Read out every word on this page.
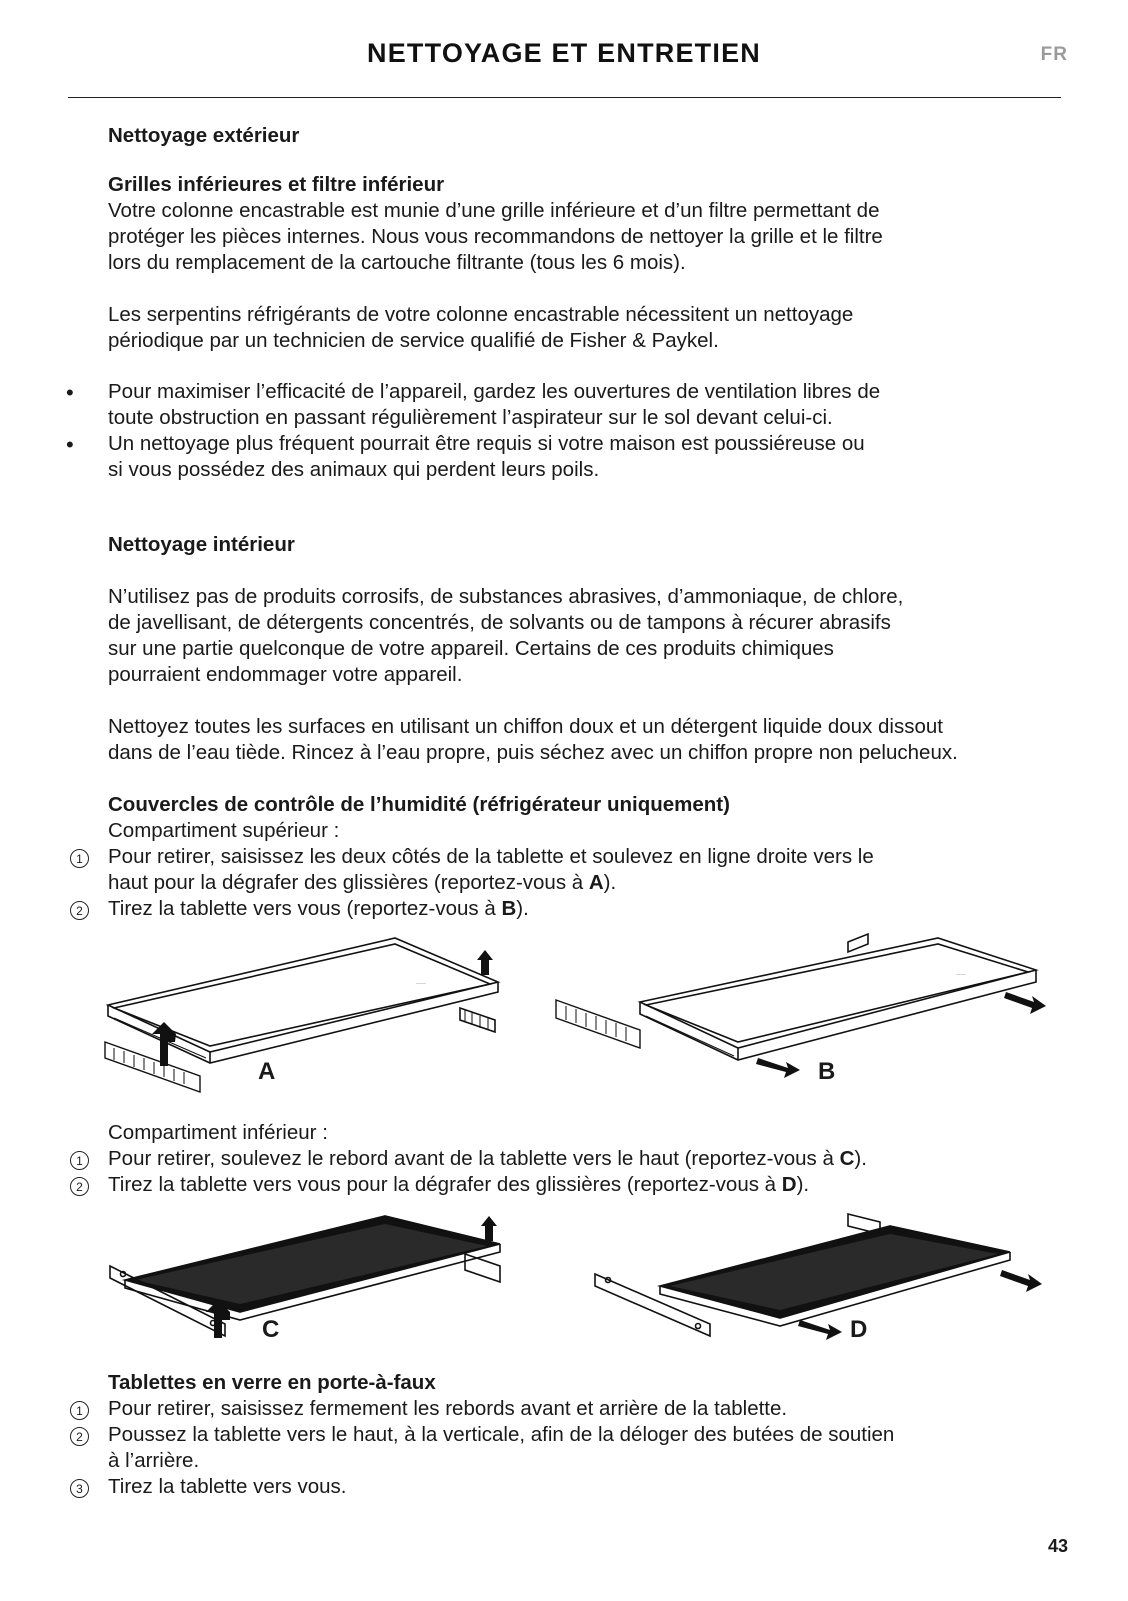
NETTOYAGE ET ENTRETIEN	FR
Nettoyage extérieur
Grilles inférieures et filtre inférieur
Votre colonne encastrable est munie d’une grille inférieure et d’un filtre permettant de
protéger les pièces internes. Nous vous recommandons de nettoyer la grille et le filtre
lors du remplacement de la cartouche filtrante (tous les 6 mois).
Les serpentins réfrigérants de votre colonne encastrable nécessitent un nettoyage
périodique par un technicien de service qualifié de Fisher & Paykel.
• Pour maximiser l’efficacité de l’appareil, gardez les ouvertures de ventilation libres de
toute obstruction en passant régulièrement l’aspirateur sur le sol devant celui-ci.
• Un nettoyage plus fréquent pourrait être requis si votre maison est poussiéreuse ou
si vous possédez des animaux qui perdent leurs poils.
Nettoyage intérieur
N’utilisez pas de produits corrosifs, de substances abrasives, d’ammoniaque, de chlore,
de javellisant, de détergents concentrés, de solvants ou de tampons à récurer abrasifs
sur une partie quelconque de votre appareil. Certains de ces produits chimiques
pourraient endommager votre appareil.
Nettoyez toutes les surfaces en utilisant un chiffon doux et un détergent liquide doux dissout
dans de l’eau tiède. Rincez à l’eau propre, puis séchez avec un chiffon propre non pelucheux.
Couvercles de contrôle de l’humidité (réfrigérateur uniquement)
Compartiment supérieur :
1	Pour retirer, saisissez les deux côtés de la tablette et soulevez en ligne droite vers le
haut pour la dégrafer des glissières (reportez-vous à A).
2	Tirez la tablette vers vous (reportez-vous à B).
·····
A
·····
B
Compartiment inférieur :
1	Pour retirer, soulevez le rebord avant de la tablette vers le haut (reportez-vous à C).
2	Tirez la tablette vers vous pour la dégrafer des glissières (reportez-vous à D).
C	D
Tablettes en verre en porte-à-faux
1	Pour retirer, saisissez fermement les rebords avant et arrière de la tablette.
2	Poussez la tablette vers le haut, à la verticale, afin de la déloger des butées de soutien
à l’arrière.
3	Tirez la tablette vers vous.
43
